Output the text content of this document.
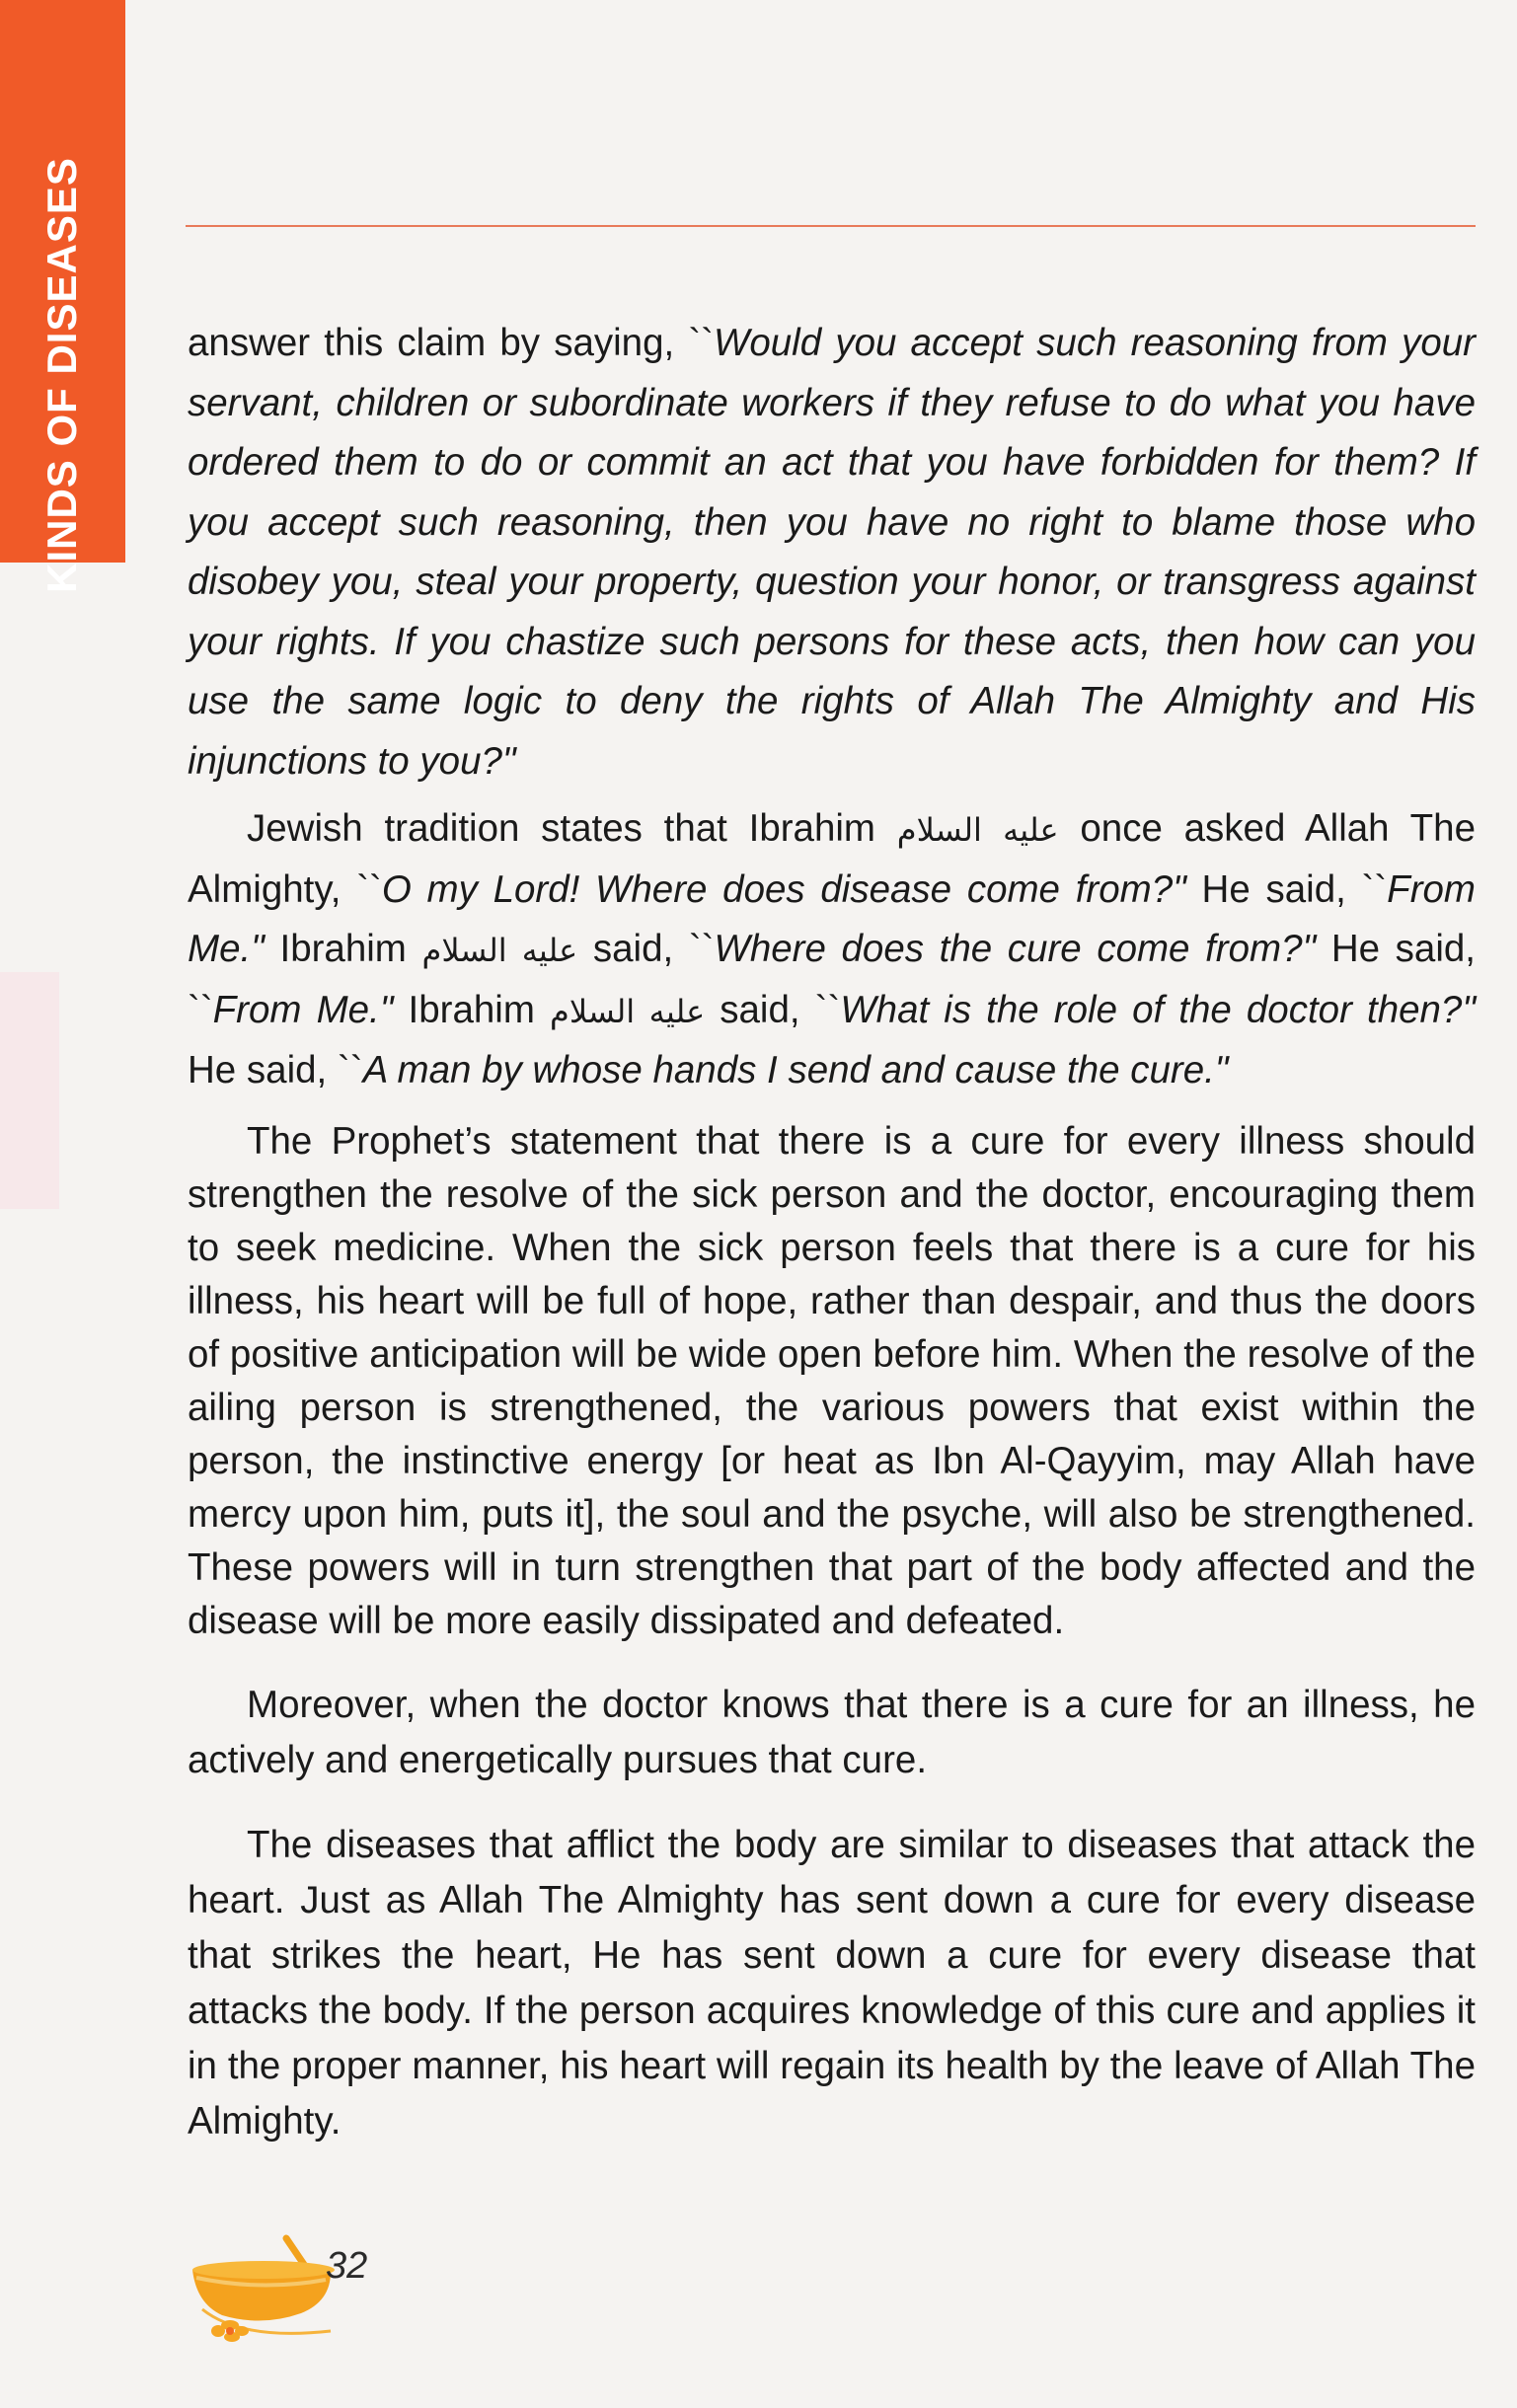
KINDS OF DISEASES	answer this claim by saying, ``Would you accept such reasoning from your servant, children or subordinate workers if they refuse to do what you have ordered them to do or commit an act that you have forbidden for them? If you accept such reasoning, then you have no right to blame those who disobey you, steal your property, question your honor, or transgress against your rights. If you chastize such persons for these acts, then how can you use the same logic to deny the rights of Allah The Almighty and His injunctions to you?"

Jewish tradition states that Ibrahim عليه السلام once asked Allah The Almighty, ``O my Lord! Where does disease come from?" He said, ``From Me." Ibrahim عليه السلام said, ``Where does the cure come from?" He said, ``From Me." Ibrahim عليه السلام said, ``What is the role of the doctor then?" He said, ``A man by whose hands I send and cause the cure."

The Prophet’s statement that there is a cure for every illness should strengthen the resolve of the sick person and the doctor, encouraging them to seek medicine. When the sick person feels that there is a cure for his illness, his heart will be full of hope, rather than despair, and thus the doors of positive anticipation will be wide open before him. When the resolve of the ailing person is strengthened, the various powers that exist within the person, the instinctive energy [or heat as Ibn Al-Qayyim, may Allah have mercy upon him, puts it], the soul and the psyche, will also be strengthened. These powers will in turn strengthen that part of the body affected and the disease will be more easily dissipated and defeated.

Moreover, when the doctor knows that there is a cure for an illness, he actively and energetically pursues that cure.

The diseases that afflict the body are similar to diseases that attack the heart. Just as Allah The Almighty has sent down a cure for every disease that strikes the heart, He has sent down a cure for every disease that attacks the body. If the person acquires knowledge of this cure and applies it in the proper manner, his heart will regain its health by the leave of Allah The Almighty.

32
